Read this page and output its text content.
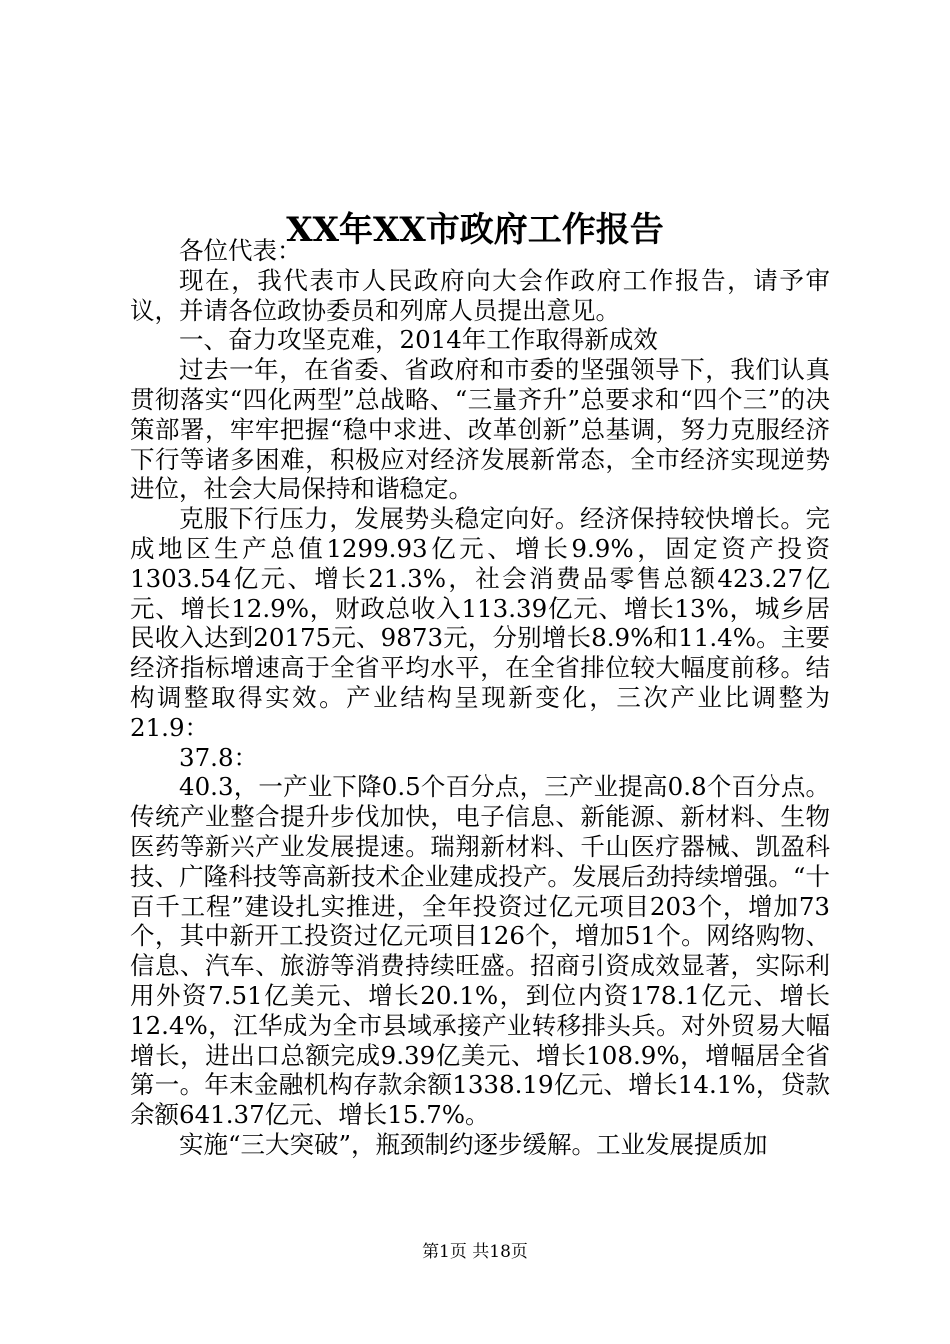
XX年XX市政府工作报告

各位代表：

现在，我代表市人民政府向大会作政府工作报告，请予审议，并请各位政协委员和列席人员提出意见。

一、奋力攻坚克难，2014年工作取得新成效

过去一年，在省委、省政府和市委的坚强领导下，我们认真贯彻落实“四化两型”总战略、“三量齐升”总要求和“四个三”的决策部署，牢牢把握“稳中求进、改革创新”总基调，努力克服经济下行等诸多困难，积极应对经济发展新常态，全市经济实现逆势进位，社会大局保持和谐稳定。

克服下行压力，发展势头稳定向好。经济保持较快增长。完成地区生产总值1299.93亿元、增长9.9%，固定资产投资1303.54亿元、增长21.3%，社会消费品零售总额423.27亿元、增长12.9%，财政总收入113.39亿元、增长13%，城乡居民收入达到20175元、9873元，分别增长8.9%和11.4%。主要经济指标增速高于全省平均水平，在全省排位较大幅度前移。结构调整取得实效。产业结构呈现新变化，三次产业比调整为21.9：

37.8：

40.3，一产业下降0.5个百分点，三产业提高0.8个百分点。传统产业整合提升步伐加快，电子信息、新能源、新材料、生物医药等新兴产业发展提速。瑞翔新材料、千山医疗器械、凯盈科技、广隆科技等高新技术企业建成投产。发展后劲持续增强。“十百千工程”建设扎实推进，全年投资过亿元项目203个，增加73个，其中新开工投资过亿元项目126个，增加51个。网络购物、信息、汽车、旅游等消费持续旺盛。招商引资成效显著，实际利用外资7.51亿美元、增长20.1%，到位内资178.1亿元、增长12.4%，江华成为全市县域承接产业转移排头兵。对外贸易大幅增长，进出口总额完成9.39亿美元、增长108.9%，增幅居全省第一。年末金融机构存款余额1338.19亿元、增长14.1%，贷款余额641.37亿元、增长15.7%。

实施“三大突破”，瓶颈制约逐步缓解。工业发展提质加

第1页 共18页
